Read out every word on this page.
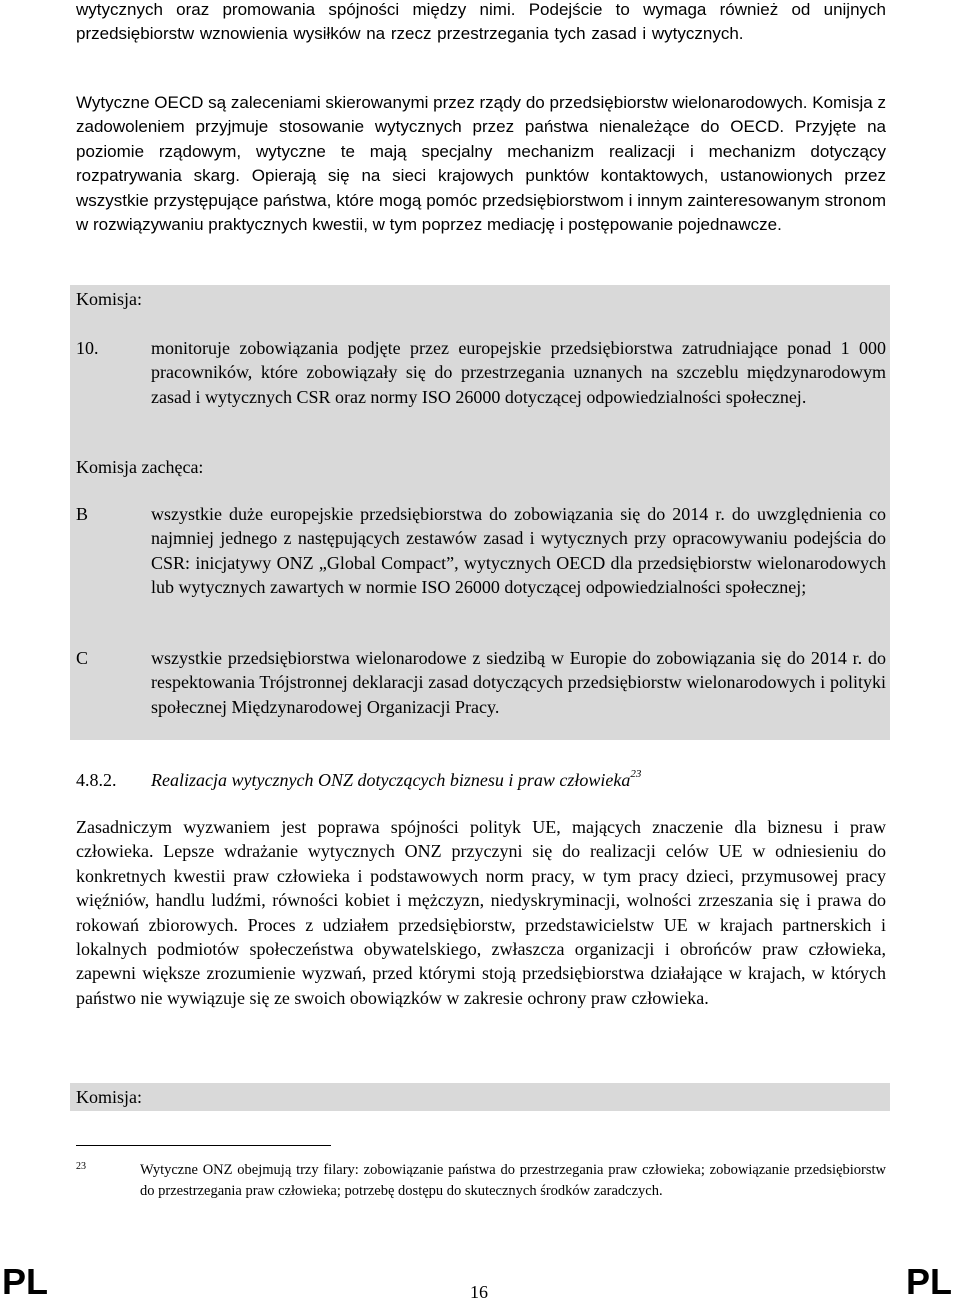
wytycznych oraz promowania spójności między nimi. Podejście to wymaga również od unijnych przedsiębiorstw wznowienia wysiłków na rzecz przestrzegania tych zasad i wytycznych.

Wytyczne OECD są zaleceniami skierowanymi przez rządy do przedsiębiorstw wielonarodowych. Komisja z zadowoleniem przyjmuje stosowanie wytycznych przez państwa nienależące do OECD. Przyjęte na poziomie rządowym, wytyczne te mają specjalny mechanizm realizacji i mechanizm dotyczący rozpatrywania skarg. Opierają się na sieci krajowych punktów kontaktowych, ustanowionych przez wszystkie przystępujące państwa, które mogą pomóc przedsiębiorstwom i innym zainteresowanym stronom w rozwiązywaniu praktycznych kwestii, w tym poprzez mediację i postępowanie pojednawcze.

Komisja:

10.	monitoruje zobowiązania podjęte przez europejskie przedsiębiorstwa zatrudniające ponad 1 000 pracowników, które zobowiązały się do przestrzegania uznanych na szczeblu międzynarodowym zasad i wytycznych CSR oraz normy ISO 26000 dotyczącej odpowiedzialności społecznej.

Komisja zachęca:

B	wszystkie duże europejskie przedsiębiorstwa do zobowiązania się do 2014 r. do uwzględnienia co najmniej jednego z następujących zestawów zasad i wytycznych przy opracowywaniu podejścia do CSR: inicjatywy ONZ „Global Compact”, wytycznych OECD dla przedsiębiorstw wielonarodowych lub wytycznych zawartych w normie ISO 26000 dotyczącej odpowiedzialności społecznej;
C	wszystkie przedsiębiorstwa wielonarodowe z siedzibą w Europie do zobowiązania się do 2014 r. do respektowania Trójstronnej deklaracji zasad dotyczących przedsiębiorstw wielonarodowych i polityki społecznej Międzynarodowej Organizacji Pracy.
4.8.2.	Realizacja wytycznych ONZ dotyczących biznesu i praw człowieka$^{23}$

Zasadniczym wyzwaniem jest poprawa spójności polityk UE, mających znaczenie dla biznesu i praw człowieka. Lepsze wdrażanie wytycznych ONZ przyczyni się do realizacji celów UE w odniesieniu do konkretnych kwestii praw człowieka i podstawowych norm pracy, w tym pracy dzieci, przymusowej pracy więźniów, handlu ludźmi, równości kobiet i mężczyzn, niedyskryminacji, wolności zrzeszania się i prawa do rokowań zbiorowych. Proces z udziałem przedsiębiorstw, przedstawicielstw UE w krajach partnerskich i lokalnych podmiotów społeczeństwa obywatelskiego, zwłaszcza organizacji i obrońców praw człowieka, zapewni większe zrozumienie wyzwań, przed którymi stoją przedsiębiorstwa działające w krajach, w których państwo nie wywiązuje się ze swoich obowiązków w zakresie ochrony praw człowieka.

Komisja:

23	Wytyczne ONZ obejmują trzy filary: zobowiązanie państwa do przestrzegania praw człowieka; zobowiązanie przedsiębiorstw do przestrzegania praw człowieka; potrzebę dostępu do skutecznych środków zaradczych.

PL	16	PL
